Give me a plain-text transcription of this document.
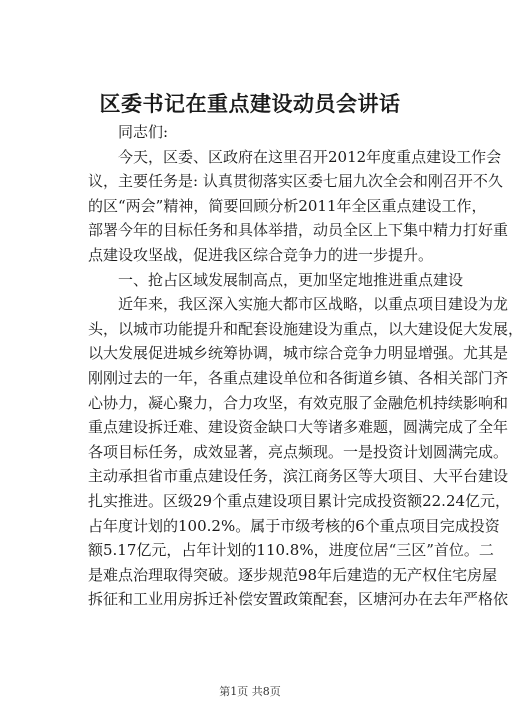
区委书记在重点建设动员会讲话
同志们:
今天，区委、区政府在这里召开2012年度重点建设工作会
议，主要任务是: 认真贯彻落实区委七届九次全会和刚召开不久
的区“两会”精神，简要回顾分析2011年全区重点建设工作，
部署今年的目标任务和具体举措，动员全区上下集中精力打好重
点建设攻坚战，促进我区综合竞争力的进一步提升。
一、抢占区域发展制高点，更加坚定地推进重点建设
近年来，我区深入实施大都市区战略，以重点项目建设为龙
头，以城市功能提升和配套设施建设为重点，以大建设促大发展，
以大发展促进城乡统筹协调，城市综合竞争力明显增强。尤其是
刚刚过去的一年，各重点建设单位和各街道乡镇、各相关部门齐
心协力，凝心聚力，合力攻坚，有效克服了金融危机持续影响和
重点建设拆迁难、建设资金缺口大等诸多难题，圆满完成了全年
各项目标任务，成效显著，亮点频现。一是投资计划圆满完成。
主动承担省市重点建设任务，滨江商务区等大项目、大平台建设
扎实推进。区级29个重点建设项目累计完成投资额22.24亿元，
占年度计划的100.2%。属于市级考核的6个重点项目完成投资
额5.17亿元，占年计划的110.8%，进度位居“三区”首位。二
是难点治理取得突破。逐步规范98年后建造的无产权住宅房屋
拆征和工业用房拆迁补偿安置政策配套，区塘河办在去年严格依
第1页 共8页
